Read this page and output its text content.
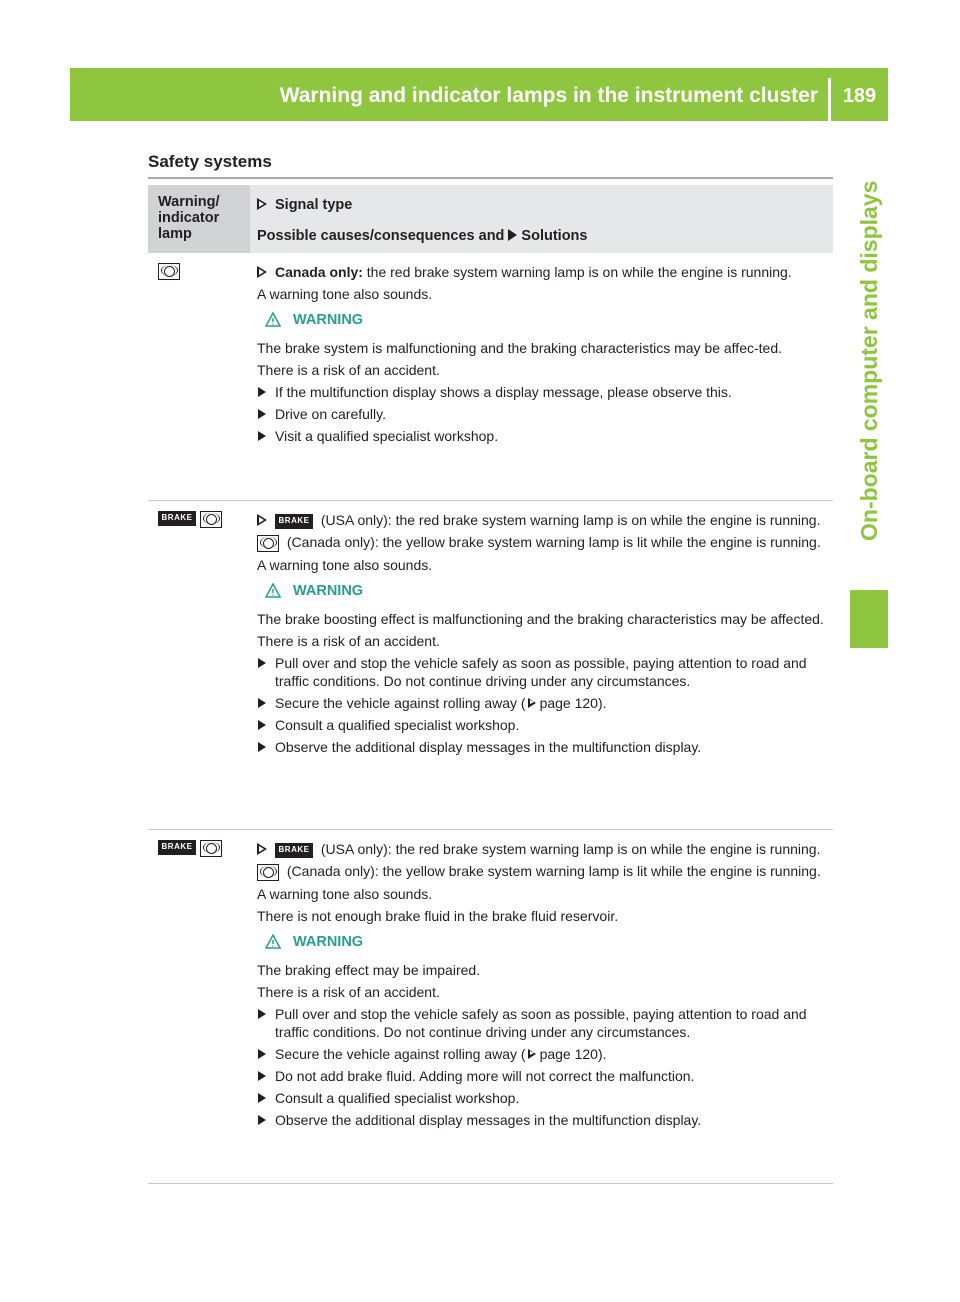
Warning and indicator lamps in the instrument cluster	189
On-board computer and displays
Safety systems
Warning/ indicator lamp
Signal type
Possible causes/consequences and Solutions

Canada only: the red brake system warning lamp is on while the engine is running.

A warning tone also sounds.

WARNING

The brake system is malfunctioning and the braking characteristics may be affec-ted.

There is a risk of an accident.

If the multifunction display shows a display message, please observe this.
Drive on carefully.
Visit a qualified specialist workshop.
BRAKE	BRAKE (USA only): the red brake system warning lamp is on while the engine is running.

(Canada only): the yellow brake system warning lamp is lit while the engine is running.

A warning tone also sounds.

WARNING

The brake boosting effect is malfunctioning and the braking characteristics may be affected.

There is a risk of an accident.

Pull over and stop the vehicle safely as soon as possible, paying attention to road and traffic conditions. Do not continue driving under any circumstances.
Secure the vehicle against rolling away ( page 120).
Consult a qualified specialist workshop.
Observe the additional display messages in the multifunction display.
BRAKE	BRAKE (USA only): the red brake system warning lamp is on while the engine is running.

(Canada only): the yellow brake system warning lamp is lit while the engine is running.

A warning tone also sounds.

There is not enough brake fluid in the brake fluid reservoir.

WARNING

The braking effect may be impaired.

There is a risk of an accident.

Pull over and stop the vehicle safely as soon as possible, paying attention to road and traffic conditions. Do not continue driving under any circumstances.
Secure the vehicle against rolling away ( page 120).
Do not add brake fluid. Adding more will not correct the malfunction.
Consult a qualified specialist workshop.
Observe the additional display messages in the multifunction display.
